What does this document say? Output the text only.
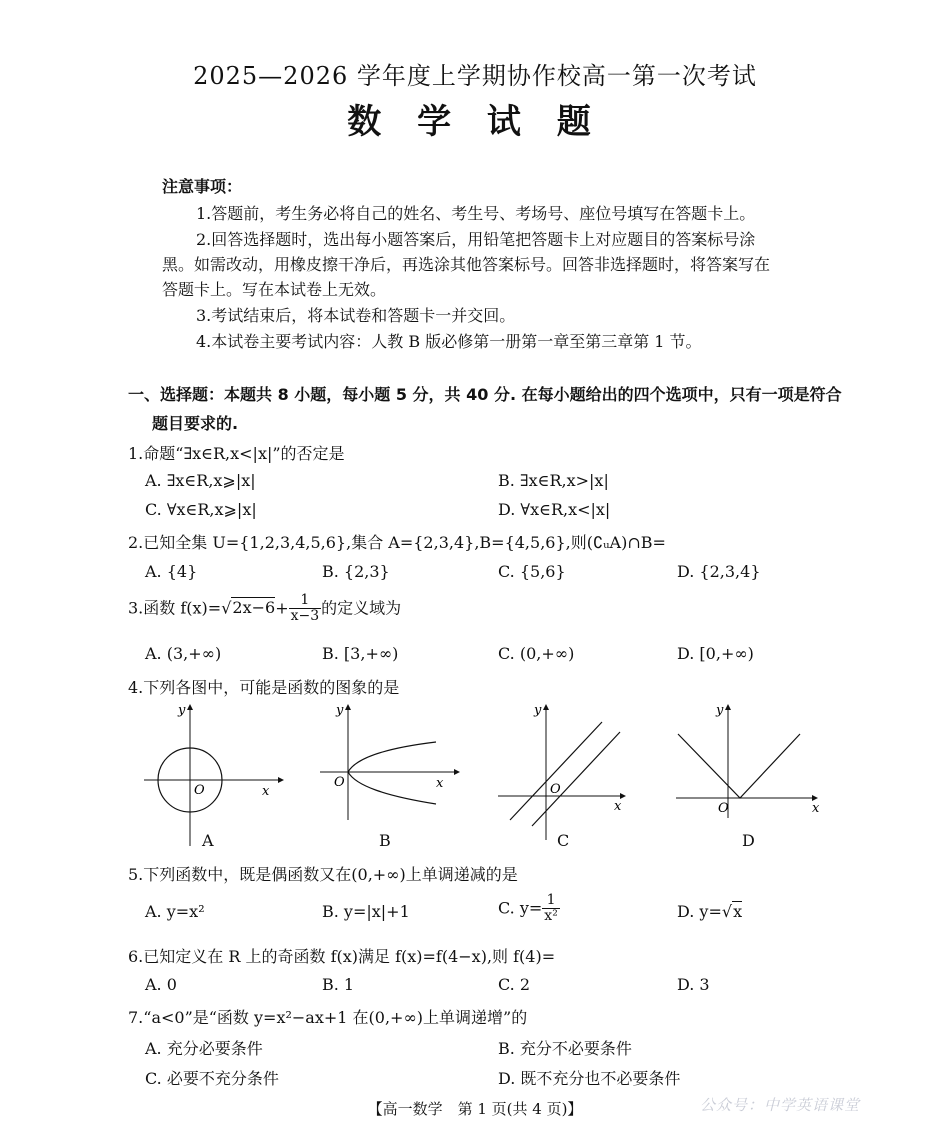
2025—2026 学年度上学期协作校高一第一次考试
数 学 试 题
注意事项：
1.答题前，考生务必将自己的姓名、考生号、考场号、座位号填写在答题卡上。
2.回答选择题时，选出每小题答案后，用铅笔把答题卡上对应题目的答案标号涂
黑。如需改动，用橡皮擦干净后，再选涂其他答案标号。回答非选择题时，将答案写在
答题卡上。写在本试卷上无效。
3.考试结束后，将本试卷和答题卡一并交回。
4.本试卷主要考试内容：人教 B 版必修第一册第一章至第三章第 1 节。
一、选择题：本题共 8 小题，每小题 5 分，共 40 分. 在每小题给出的四个选项中，只有一项是符合
题目要求的.
1.命题“∃x∈R,x<|x|”的否定是
A. ∃x∈R,x⩾|x|	B. ∃x∈R,x>|x|
C. ∀x∈R,x⩾|x|	D. ∀x∈R,x<|x|
2.已知全集 U={1,2,3,4,5,6},集合 A={2,3,4},B={4,5,6},则(∁ᵤA)∩B=
A. {4}	B. {2,3}	C. {5,6}	D. {2,3,4}
3.函数 $f(x)=√2x-6+ \frac{1}{x-3}$ 的定义域为
A. (3,+∞)	B. [3,+∞)	C. (0,+∞)	D. [0,+∞)
4.下列各图中，可能是函数的图象的是
O	x
y
A
O	x
y
B
O
x
y
C
O	x
y
D
5.下列函数中，既是偶函数又在(0,+∞)上单调递减的是
A. y=x²	B. y=|x|+1	C. $y= \frac{1}{\text{x²}}$	D. y=√x
6.已知定义在 R 上的奇函数 f(x)满足 f(x)=f(4−x),则 f(4)=
A. 0	B. 1	C. 2	D. 3
7.“a<0”是“函数 y=x²−ax+1 在(0,+∞)上单调递增”的
A. 充分必要条件	B. 充分不必要条件
C. 必要不充分条件	D. 既不充分也不必要条件
【高一数学　第 1 页(共 4 页)】	公众号：中学英语课堂
